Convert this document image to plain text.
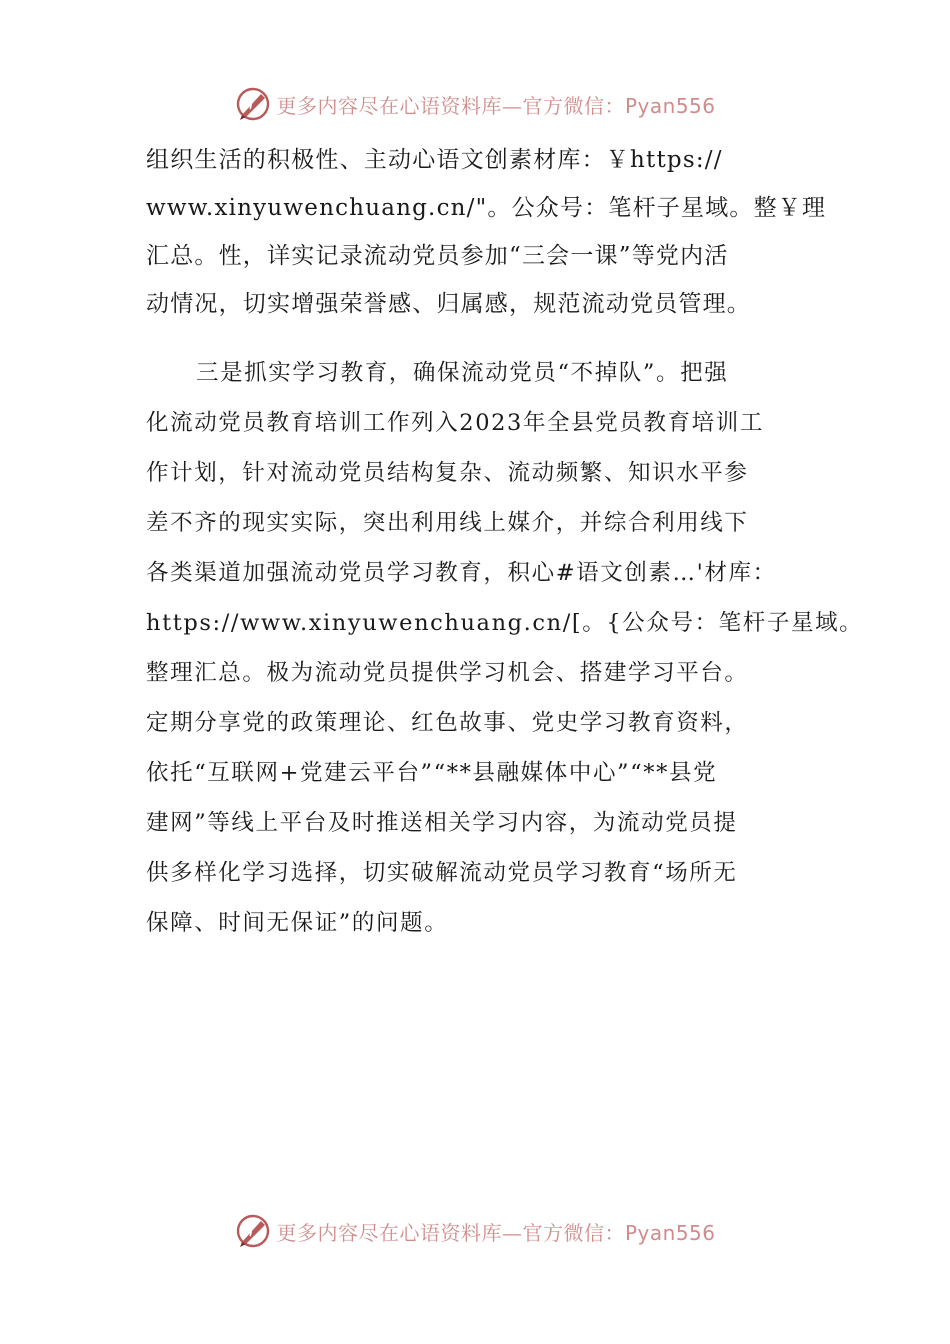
更多内容尽在心语资料库—官方微信：Pyan556

组织生活的积极性、主动心语文创素材库：￥https://
www.xinyuwenchuang.cn/"。公众号：笔杆子星域。整￥理
汇总。性，详实记录流动党员参加“三会一课”等党内活
动情况，切实增强荣誉感、归属感，规范流动党员管理。

三是抓实学习教育，确保流动党员“不掉队”。把强
化流动党员教育培训工作列入2023年全县党员教育培训工
作计划，针对流动党员结构复杂、流动频繁、知识水平参
差不齐的现实实际，突出利用线上媒介，并综合利用线下
各类渠道加强流动党员学习教育，积心#语文创素…'材库：
https://www.xinyuwenchuang.cn/[。{公众号：笔杆子星域。
整理汇总。极为流动党员提供学习机会、搭建学习平台。
定期分享党的政策理论、红色故事、党史学习教育资料，
依托“互联网+党建云平台”“**县融媒体中心”“**县党
建网”等线上平台及时推送相关学习内容，为流动党员提
供多样化学习选择，切实破解流动党员学习教育“场所无
保障、时间无保证”的问题。

更多内容尽在心语资料库—官方微信：Pyan556
